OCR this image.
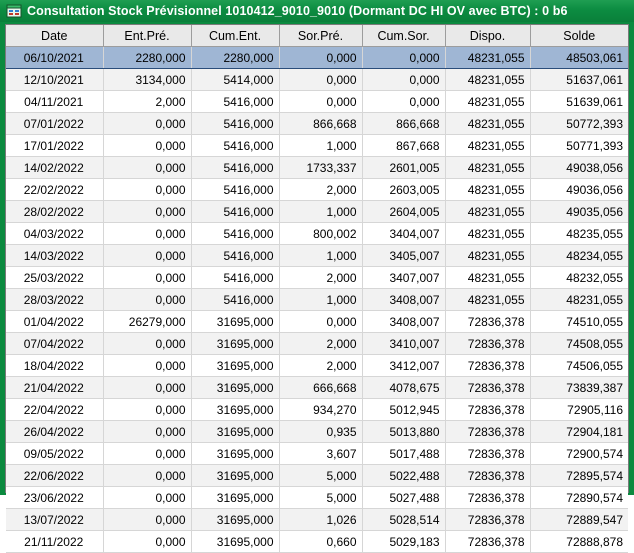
Consultation Stock Prévisionnel 1010412_9010_9010 (Dormant DC HI OV avec BTC) : 0 b6
Date	Ent.Pré.	Cum.Ent.	Sor.Pré.	Cum.Sor.	Dispo.	Solde
06/10/2021	2280,000	2280,000	0,000	0,000	48231,055	48503,061
12/10/2021	3134,000	5414,000	0,000	0,000	48231,055	51637,061
04/11/2021	2,000	5416,000	0,000	0,000	48231,055	51639,061
07/01/2022	0,000	5416,000	866,668	866,668	48231,055	50772,393
17/01/2022	0,000	5416,000	1,000	867,668	48231,055	50771,393
14/02/2022	0,000	5416,000	1733,337	2601,005	48231,055	49038,056
22/02/2022	0,000	5416,000	2,000	2603,005	48231,055	49036,056
28/02/2022	0,000	5416,000	1,000	2604,005	48231,055	49035,056
04/03/2022	0,000	5416,000	800,002	3404,007	48231,055	48235,055
14/03/2022	0,000	5416,000	1,000	3405,007	48231,055	48234,055
25/03/2022	0,000	5416,000	2,000	3407,007	48231,055	48232,055
28/03/2022	0,000	5416,000	1,000	3408,007	48231,055	48231,055
01/04/2022	26279,000	31695,000	0,000	3408,007	72836,378	74510,055
07/04/2022	0,000	31695,000	2,000	3410,007	72836,378	74508,055
18/04/2022	0,000	31695,000	2,000	3412,007	72836,378	74506,055
21/04/2022	0,000	31695,000	666,668	4078,675	72836,378	73839,387
22/04/2022	0,000	31695,000	934,270	5012,945	72836,378	72905,116
26/04/2022	0,000	31695,000	0,935	5013,880	72836,378	72904,181
09/05/2022	0,000	31695,000	3,607	5017,488	72836,378	72900,574
22/06/2022	0,000	31695,000	5,000	5022,488	72836,378	72895,574
23/06/2022	0,000	31695,000	5,000	5027,488	72836,378	72890,574
13/07/2022	0,000	31695,000	1,026	5028,514	72836,378	72889,547
21/11/2022	0,000	31695,000	0,660	5029,183	72836,378	72888,878
